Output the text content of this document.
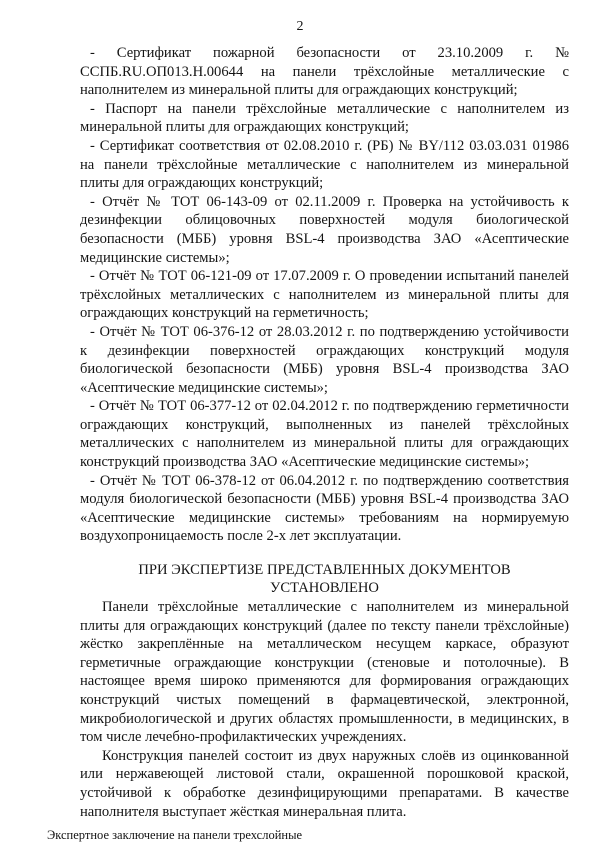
2

- Сертификат пожарной безопасности от 23.10.2009 г. № ССПБ.RU.ОП013.Н.00644 на панели трёхслойные металлические с наполнителем из минеральной плиты для ограждающих конструкций;

- Паспорт на панели трёхслойные металлические с наполнителем из минеральной плиты для ограждающих конструкций;

- Сертификат соответствия от 02.08.2010 г. (РБ) № BY/112 03.03.031 01986 на панели трёхслойные металлические с наполнителем из минеральной плиты для ограждающих конструкций;

- Отчёт № ТОТ 06-143-09 от 02.11.2009 г. Проверка на устойчивость к дезинфекции облицовочных поверхностей модуля биологической безопасности (МББ) уровня BSL-4 производства ЗАО «Асептические медицинские системы»;

- Отчёт № ТОТ 06-121-09 от 17.07.2009 г. О проведении испытаний панелей трёхслойных металлических с наполнителем из минеральной плиты для ограждающих конструкций на герметичность;

- Отчёт № ТОТ 06-376-12 от 28.03.2012 г. по подтверждению устойчивости к дезинфекции поверхностей ограждающих конструкций модуля биологической безопасности (МББ) уровня BSL-4 производства ЗАО «Асептические медицинские системы»;

- Отчёт № ТОТ 06-377-12 от 02.04.2012 г. по подтверждению герметичности ограждающих конструкций, выполненных из панелей трёхслойных металлических с наполнителем из минеральной плиты для ограждающих конструкций производства ЗАО «Асептические медицинские системы»;

- Отчёт № ТОТ 06-378-12 от 06.04.2012 г. по подтверждению соответствия модуля биологической безопасности (МББ) уровня BSL-4 производства ЗАО «Асептические медицинские системы» требованиям на нормируемую воздухопроницаемость после 2-х лет эксплуатации.

ПРИ ЭКСПЕРТИЗЕ ПРЕДСТАВЛЕННЫХ ДОКУМЕНТОВ
УСТАНОВЛЕНО

Панели трёхслойные металлические с наполнителем из минеральной плиты для ограждающих конструкций (далее по тексту панели трёхслойные) жёстко закреплённые на металлическом несущем каркасе, образуют герметичные ограждающие конструкции (стеновые и потолочные). В настоящее время широко применяются для формирования ограждающих конструкций чистых помещений в фармацевтической, электронной, микробиологической и других областях промышленности, в медицинских, в том числе лечебно-профилактических учреждениях.

Конструкция панелей состоит из двух наружных слоёв из оцинкованной или нержавеющей листовой стали, окрашенной порошковой краской, устойчивой к обработке дезинфицирующими препаратами. В качестве наполнителя выступает жёсткая минеральная плита.

Экспертное заключение на панели трехслойные
